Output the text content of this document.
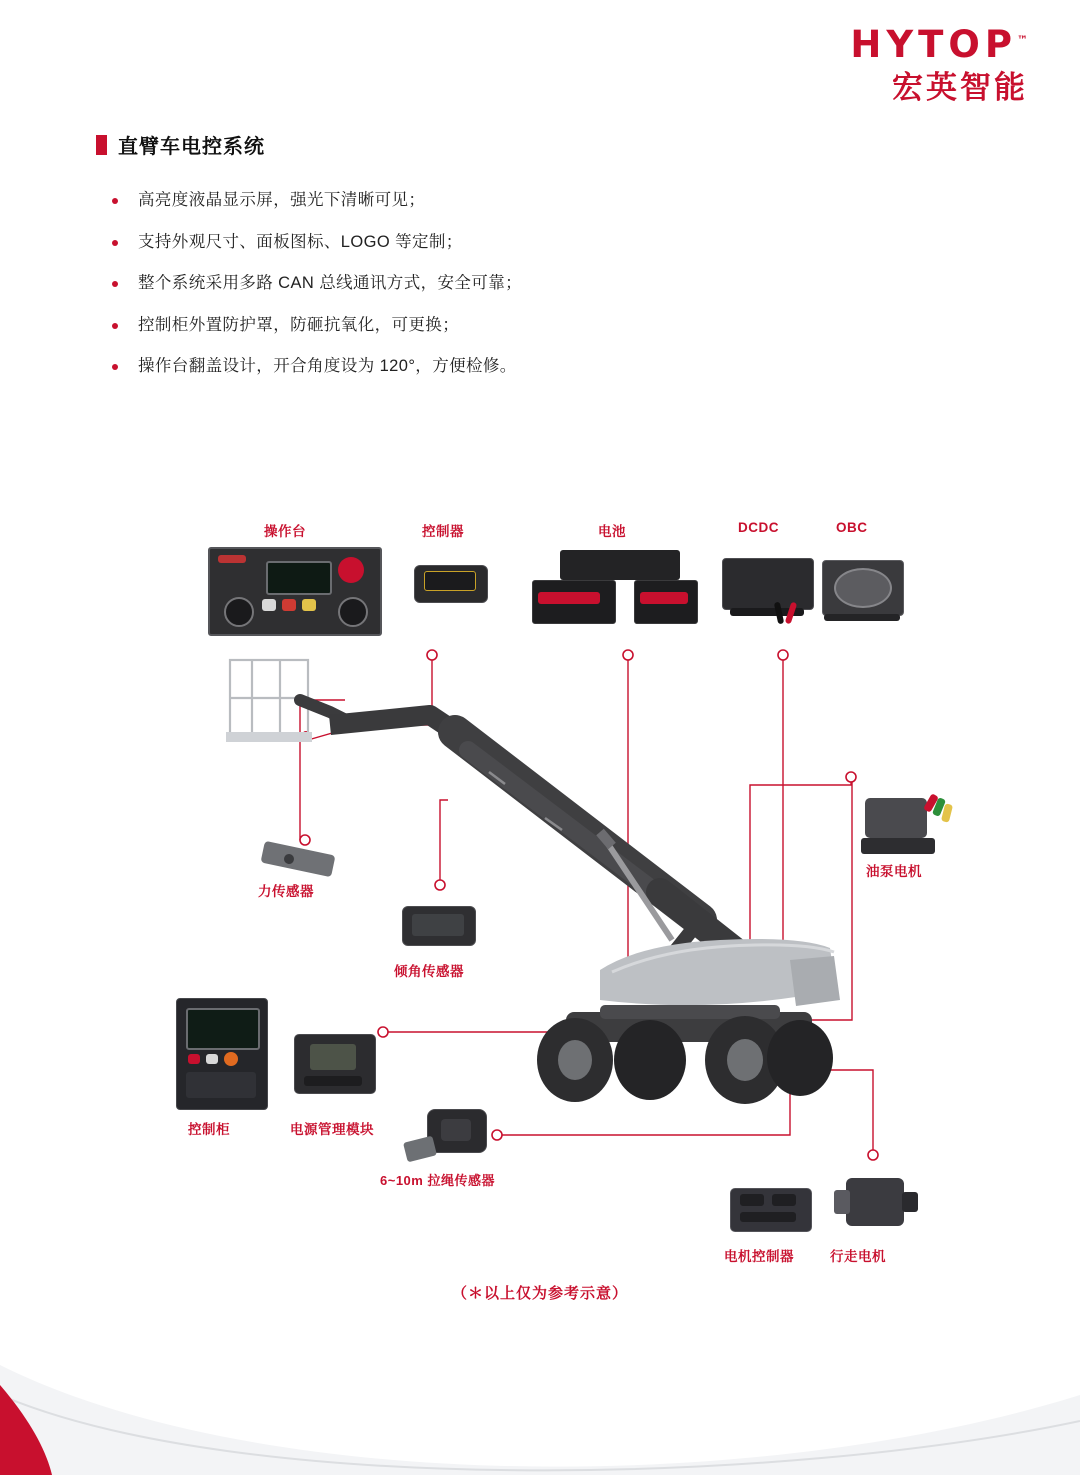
HYTOP™
宏英智能
直臂车电控系统
高亮度液晶显示屏，强光下清晰可见；
支持外观尺寸、面板图标、LOGO 等定制；
整个系统采用多路 CAN 总线通讯方式，安全可靠；
控制柜外置防护罩，防砸抗氧化，可更换；
操作台翻盖设计，开合角度设为 120°，方便检修。
操作台	控制器	电池	DCDC	OBC
油泵电机
力传感器
倾角传感器
控制柜	电源管理模块
6~10m 拉绳传感器
电机控制器	行走电机
（＊以上仅为参考示意）
